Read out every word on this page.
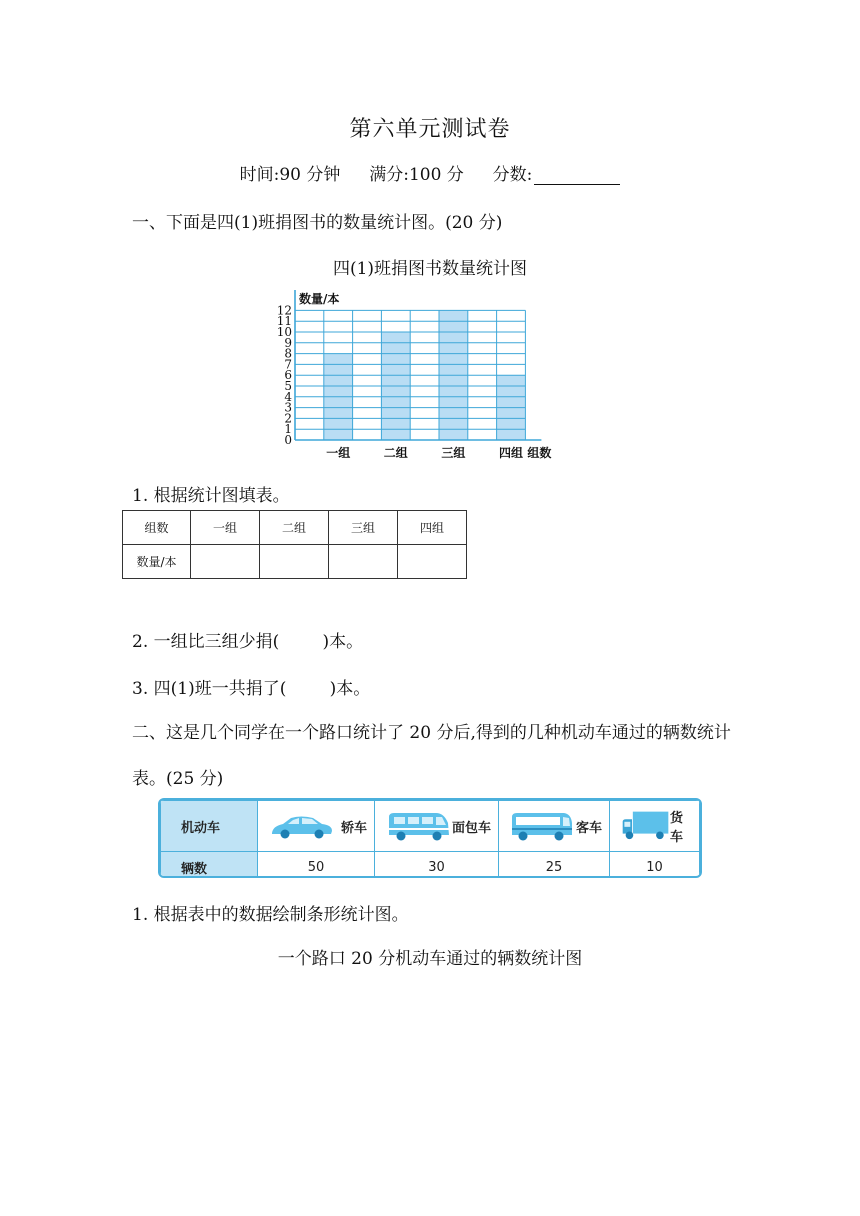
第六单元测试卷
时间:90 分钟 满分:100 分 分数:
一、下面是四(1)班捐图书的数量统计图。(20 分)
四(1)班捐图书数量统计图
0
1
2
3
4
5
6
7
8
9
10
11
12
数量/本
一组	二组	三组	四组 组数
1. 根据统计图填表。
组数	一组	二组	三组	四组
数量/本				
2. 一组比三组少捐(        )本。
3. 四(1)班一共捐了(        )本。
二、这是几个同学在一个路口统计了 20 分后,得到的几种机动车通过的辆数统计
表。(25 分)
机动车	轿车	面包车	客车	货车

辆数	50	30	25	10
1. 根据表中的数据绘制条形统计图。
一个路口 20 分机动车通过的辆数统计图
